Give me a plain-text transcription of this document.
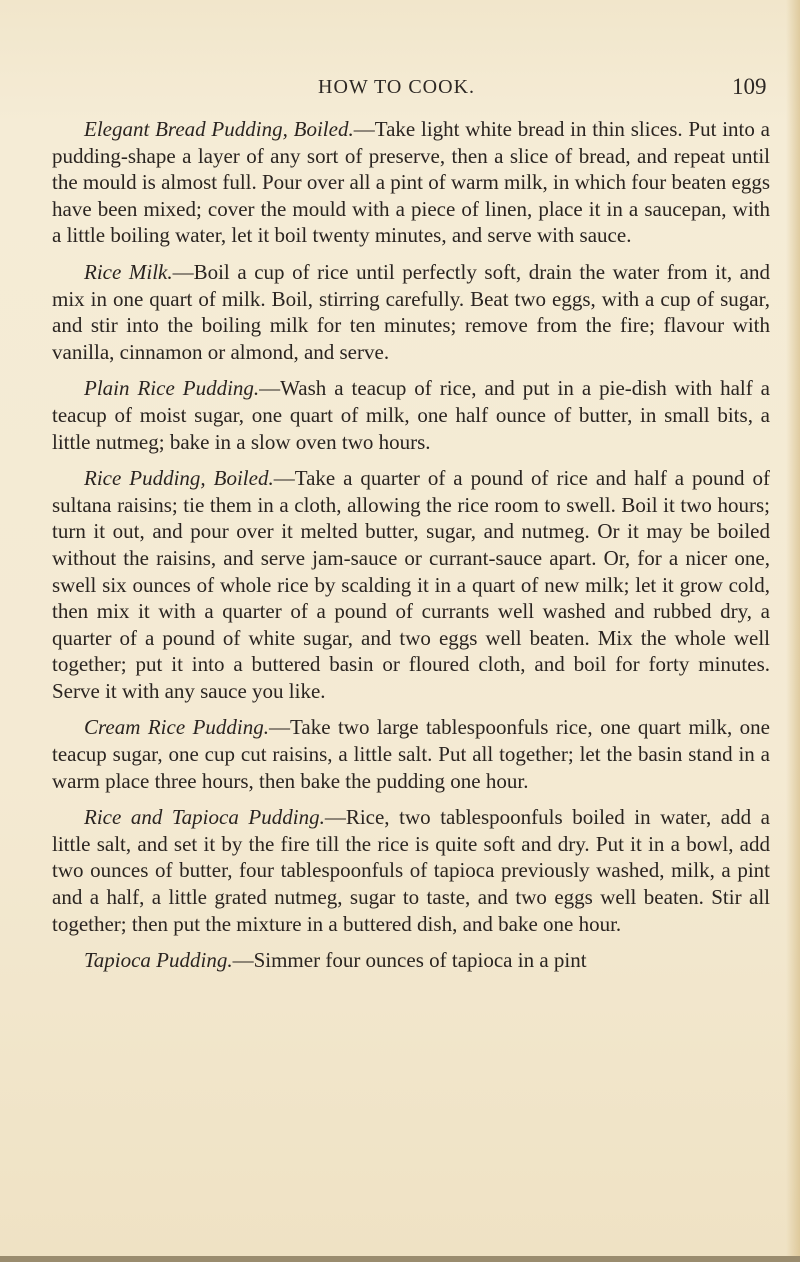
HOW TO COOK.	109

Elegant Bread Pudding, Boiled.—Take light white bread in thin slices. Put into a pudding-shape a layer of any sort of preserve, then a slice of bread, and repeat until the mould is almost full. Pour over all a pint of warm milk, in which four beaten eggs have been mixed; cover the mould with a piece of linen, place it in a saucepan, with a little boiling water, let it boil twenty minutes, and serve with sauce.

Rice Milk.—Boil a cup of rice until perfectly soft, drain the water from it, and mix in one quart of milk. Boil, stirring carefully. Beat two eggs, with a cup of sugar, and stir into the boiling milk for ten minutes; remove from the fire; flavour with vanilla, cinnamon or almond, and serve.

Plain Rice Pudding.—Wash a teacup of rice, and put in a pie-dish with half a teacup of moist sugar, one quart of milk, one half ounce of butter, in small bits, a little nutmeg; bake in a slow oven two hours.

Rice Pudding, Boiled.—Take a quarter of a pound of rice and half a pound of sultana raisins; tie them in a cloth, allowing the rice room to swell. Boil it two hours; turn it out, and pour over it melted butter, sugar, and nutmeg. Or it may be boiled without the raisins, and serve jam-sauce or currant-sauce apart. Or, for a nicer one, swell six ounces of whole rice by scalding it in a quart of new milk; let it grow cold, then mix it with a quarter of a pound of currants well washed and rubbed dry, a quarter of a pound of white sugar, and two eggs well beaten. Mix the whole well together; put it into a buttered basin or floured cloth, and boil for forty minutes. Serve it with any sauce you like.

Cream Rice Pudding.—Take two large tablespoonfuls rice, one quart milk, one teacup sugar, one cup cut raisins, a little salt. Put all together; let the basin stand in a warm place three hours, then bake the pudding one hour.

Rice and Tapioca Pudding.—Rice, two tablespoonfuls boiled in water, add a little salt, and set it by the fire till the rice is quite soft and dry. Put it in a bowl, add two ounces of butter, four tablespoonfuls of tapioca previously washed, milk, a pint and a half, a little grated nutmeg, sugar to taste, and two eggs well beaten. Stir all together; then put the mixture in a buttered dish, and bake one hour.

Tapioca Pudding.—Simmer four ounces of tapioca in a pint
